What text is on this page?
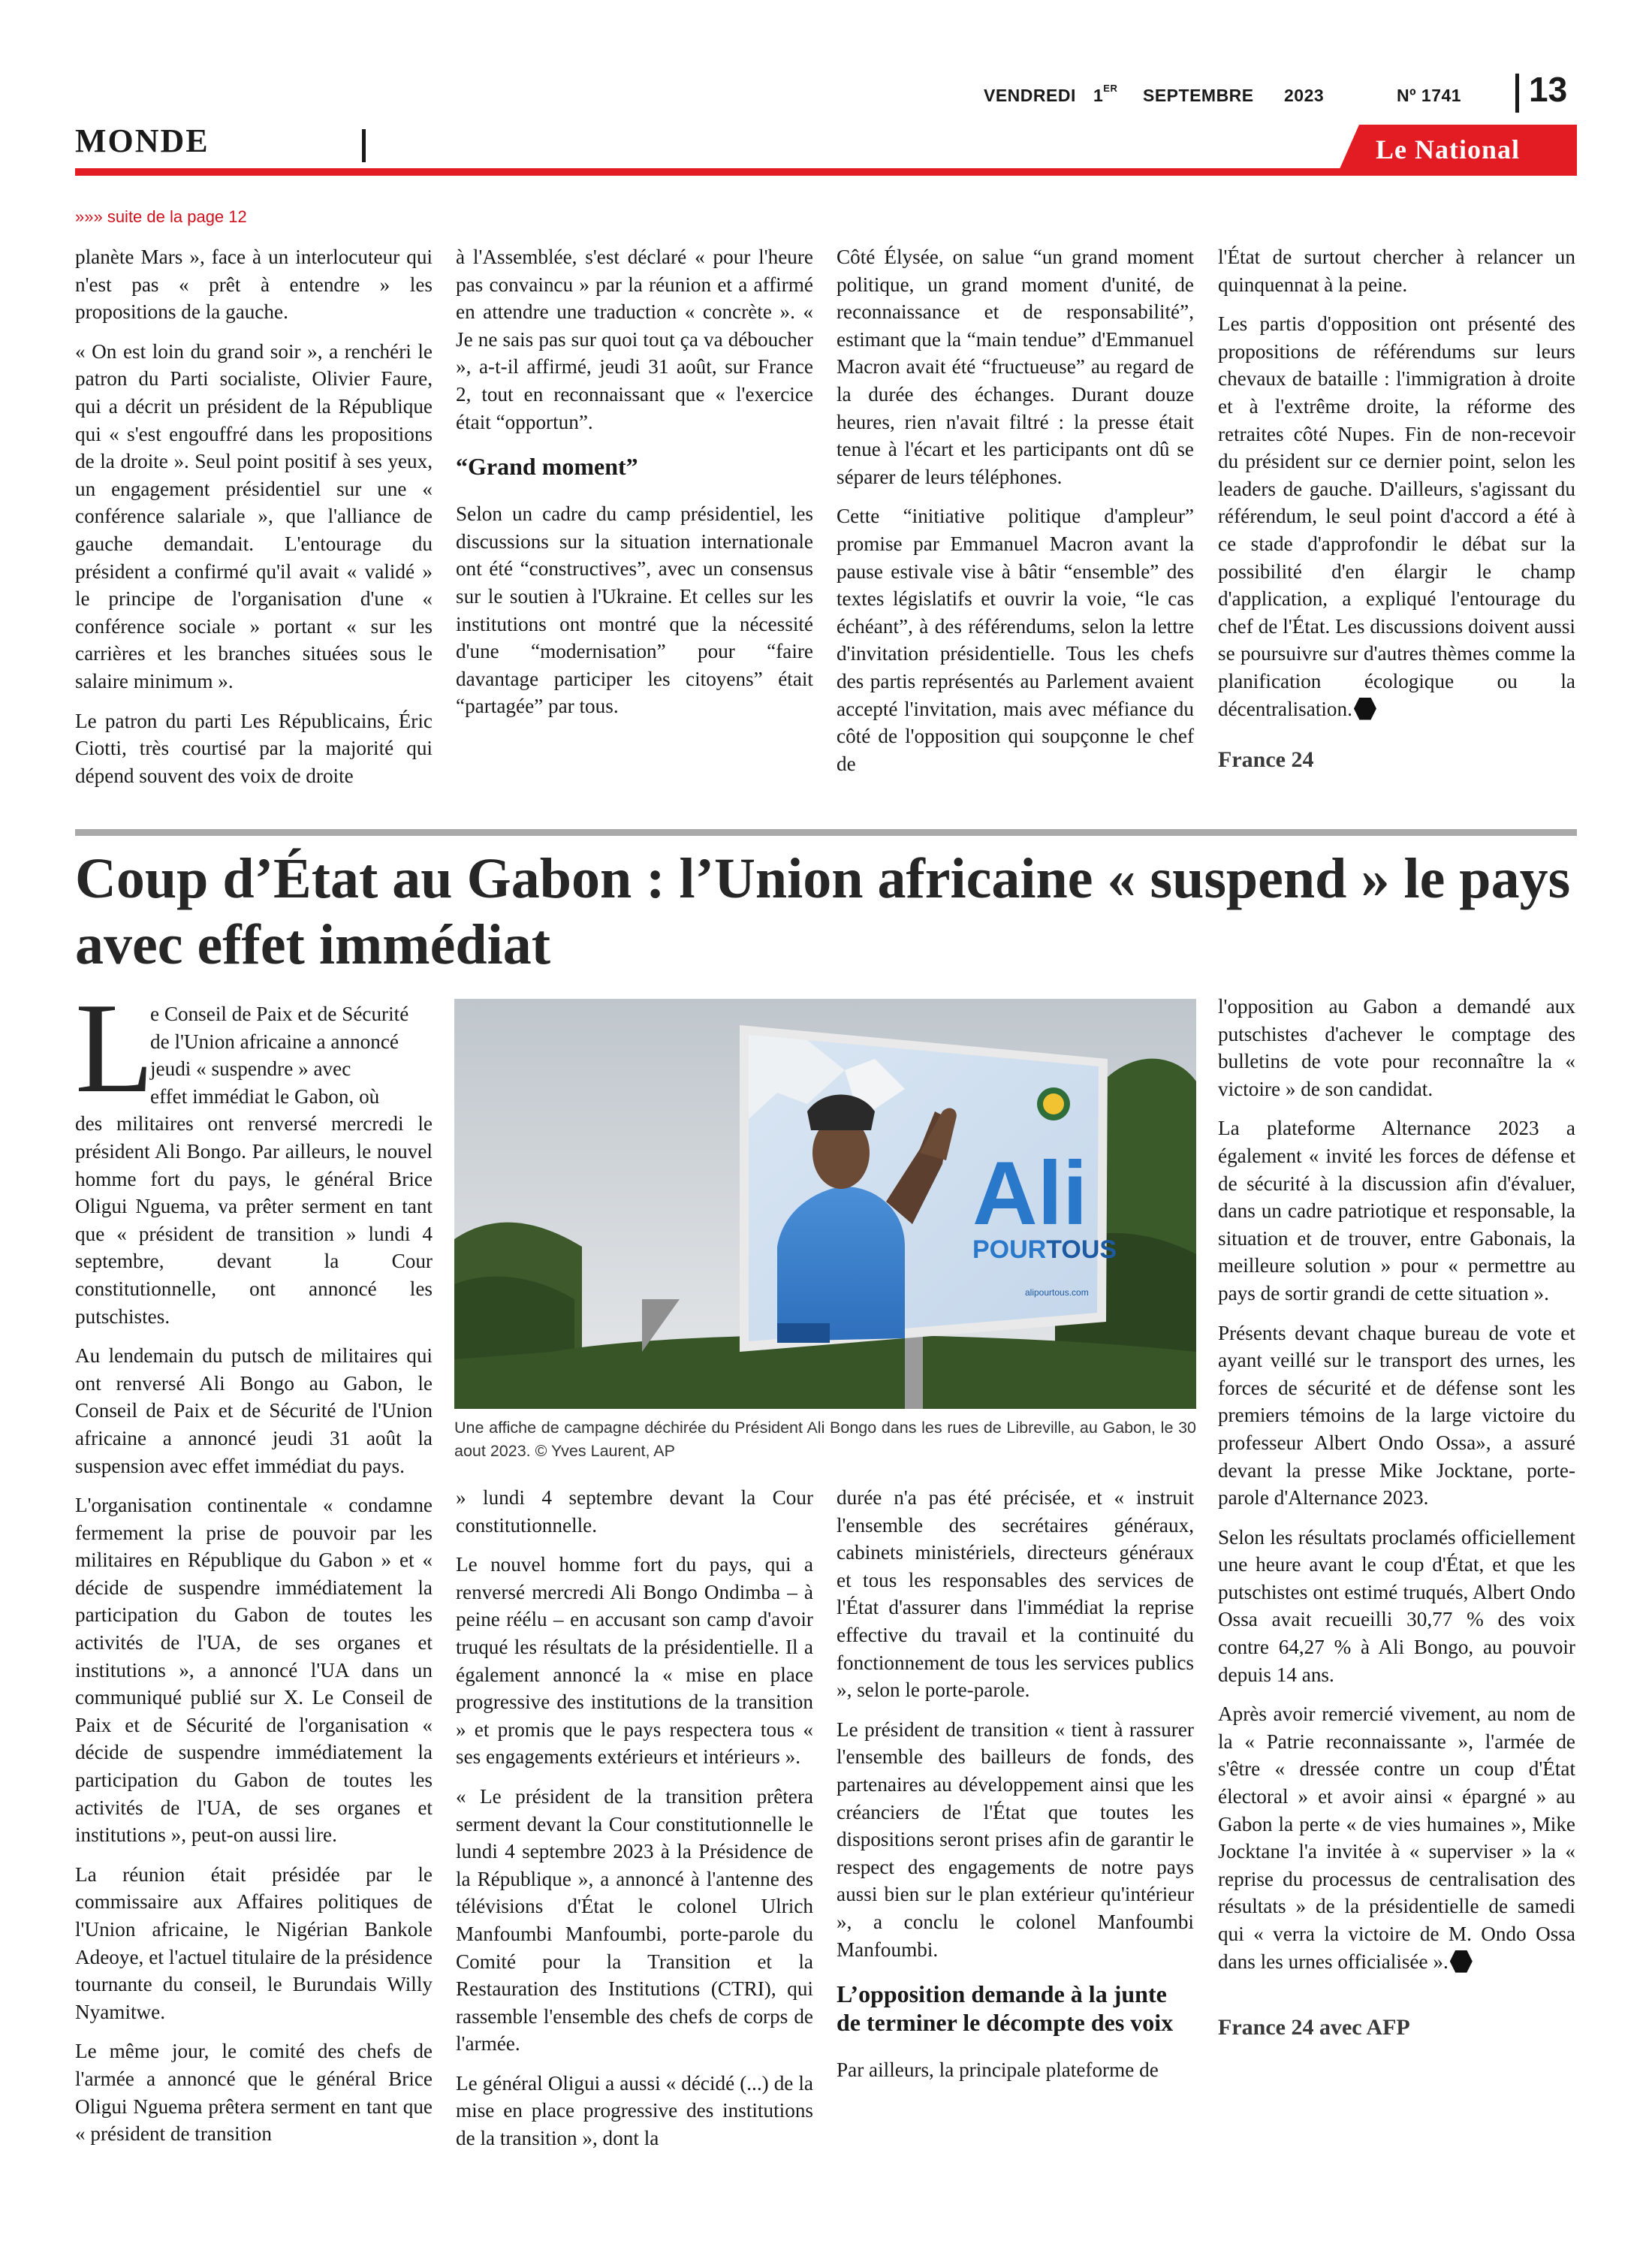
VENDREDI 1ER SEPTEMBRE 2023	Nº 1741 13
MONDE	Le National
»»» suite de la page 12

planète Mars », face à un interlocuteur qui n'est pas « prêt à entendre » les propositions de la gauche.

« On est loin du grand soir », a renchéri le patron du Parti socialiste, Olivier Faure, qui a décrit un président de la République qui « s'est engouffré dans les propositions de la droite ». Seul point positif à ses yeux, un engagement présidentiel sur une « conférence salariale », que l'alliance de gauche demandait. L'entourage du président a confirmé qu'il avait « validé » le principe de l'organisation d'une « conférence sociale » portant « sur les carrières et les branches situées sous le salaire minimum ».

Le patron du parti Les Républicains, Éric Ciotti, très courtisé par la majorité qui dépend souvent des voix de droite

à l'Assemblée, s'est déclaré « pour l'heure pas convaincu » par la réunion et a affirmé en attendre une traduction « concrète ». « Je ne sais pas sur quoi tout ça va déboucher », a-t-il affirmé, jeudi 31 août, sur France 2, tout en reconnaissant que « l'exercice était “opportun”.

“Grand moment”

Selon un cadre du camp présidentiel, les discussions sur la situation internationale ont été “constructives”, avec un consensus sur le soutien à l'Ukraine. Et celles sur les institutions ont montré que la nécessité d'une “modernisation” pour “faire davantage participer les citoyens” était “partagée” par tous.

Côté Élysée, on salue “un grand moment politique, un grand moment d'unité, de reconnaissance et de responsabilité”, estimant que la “main tendue” d'Emmanuel Macron avait été “fructueuse” au regard de la durée des échanges. Durant douze heures, rien n'avait filtré : la presse était tenue à l'écart et les participants ont dû se séparer de leurs téléphones.

Cette “initiative politique d'ampleur” promise par Emmanuel Macron avant la pause estivale vise à bâtir “ensemble” des textes législatifs et ouvrir la voie, “le cas échéant”, à des référendums, selon la lettre d'invitation présidentielle. Tous les chefs des partis représentés au Parlement avaient accepté l'invitation, mais avec méfiance du côté de l'opposition qui soupçonne le chef de

l'État de surtout chercher à relancer un quinquennat à la peine.

Les partis d'opposition ont présenté des propositions de référendums sur leurs chevaux de bataille : l'immigration à droite et à l'extrême droite, la réforme des retraites côté Nupes. Fin de non-recevoir du président sur ce dernier point, selon les leaders de gauche. D'ailleurs, s'agissant du référendum, le seul point d'accord a été à ce stade d'approfondir le débat sur la possibilité d'en élargir le champ d'application, a expliqué l'entourage du chef de l'État. Les discussions doivent aussi se poursuivre sur d'autres thèmes comme la planification écologique ou la décentralisation.

France 24
Coup d’État au Gabon : l’Union africaine « suspend » le pays avec effet immédiat
L

e Conseil de Paix et de Sécurité
de l'Union africaine a annoncé
jeudi « suspendre » avec
effet immédiat le Gabon, où
des militaires ont renversé mercredi le président Ali Bongo. Par ailleurs, le nouvel homme fort du pays, le général Brice Oligui Nguema, va prêter serment en tant que « président de transition » lundi 4 septembre, devant la Cour constitutionnelle, ont annoncé les putschistes.

Au lendemain du putsch de militaires qui ont renversé Ali Bongo au Gabon, le Conseil de Paix et de Sécurité de l'Union africaine a annoncé jeudi 31 août la suspension avec effet immédiat du pays.

L'organisation continentale « condamne fermement la prise de pouvoir par les militaires en République du Gabon » et « décide de suspendre immédiatement la participation du Gabon de toutes les activités de l'UA, de ses organes et institutions », a annoncé l'UA dans un communiqué publié sur X. Le Conseil de Paix et de Sécurité de l'organisation « décide de suspendre immédiatement la participation du Gabon de toutes les activités de l'UA, de ses organes et institutions », peut-on aussi lire.

La réunion était présidée par le commissaire aux Affaires politiques de l'Union africaine, le Nigérian Bankole Adeoye, et l'actuel titulaire de la présidence tournante du conseil, le Burundais Willy Nyamitwe.

Le même jour, le comité des chefs de l'armée a annoncé que le général Brice Oligui Nguema prêtera serment en tant que « président de transition

Ali
POURTOUS
alipourtous.com
Une affiche de campagne déchirée du Président Ali Bongo dans les rues de Libreville, au Gabon, le 30 aout 2023. © Yves Laurent, AP

» lundi 4 septembre devant la Cour constitutionnelle.

Le nouvel homme fort du pays, qui a renversé mercredi Ali Bongo Ondimba – à peine réélu – en accusant son camp d'avoir truqué les résultats de la présidentielle. Il a également annoncé la « mise en place progressive des institutions de la transition » et promis que le pays respectera tous « ses engagements extérieurs et intérieurs ».

« Le président de la transition prêtera serment devant la Cour constitutionnelle le lundi 4 septembre 2023 à la Présidence de la République », a annoncé à l'antenne des télévisions d'État le colonel Ulrich Manfoumbi Manfoumbi, porte-parole du Comité pour la Transition et la Restauration des Institutions (CTRI), qui rassemble l'ensemble des chefs de corps de l'armée.

Le général Oligui a aussi « décidé (...) de la mise en place progressive des institutions de la transition », dont la

durée n'a pas été précisée, et « instruit l'ensemble des secrétaires généraux, cabinets ministériels, directeurs généraux et tous les responsables des services de l'État d'assurer dans l'immédiat la reprise effective du travail et la continuité du fonctionnement de tous les services publics », selon le porte-parole.

Le président de transition « tient à rassurer l'ensemble des bailleurs de fonds, des partenaires au développement ainsi que les créanciers de l'État que toutes les dispositions seront prises afin de garantir le respect des engagements de notre pays aussi bien sur le plan extérieur qu'intérieur », a conclu le colonel Manfoumbi Manfoumbi.

L’opposition demande à la junte de terminer le décompte des voix

Par ailleurs, la principale plateforme de

l'opposition au Gabon a demandé aux putschistes d'achever le comptage des bulletins de vote pour reconnaître la « victoire » de son candidat.

La plateforme Alternance 2023 a également « invité les forces de défense et de sécurité à la discussion afin d'évaluer, dans un cadre patriotique et responsable, la situation et de trouver, entre Gabonais, la meilleure solution » pour « permettre au pays de sortir grandi de cette situation ».

Présents devant chaque bureau de vote et ayant veillé sur le transport des urnes, les forces de sécurité et de défense sont les premiers témoins de la large victoire du professeur Albert Ondo Ossa», a assuré devant la presse Mike Jocktane, porte-parole d'Alternance 2023.

Selon les résultats proclamés officiellement une heure avant le coup d'État, et que les putschistes ont estimé truqués, Albert Ondo Ossa avait recueilli 30,77 % des voix contre 64,27 % à Ali Bongo, au pouvoir depuis 14 ans.

Après avoir remercié vivement, au nom de la « Patrie reconnaissante », l'armée de s'être « dressée contre un coup d'État électoral » et avoir ainsi « épargné » au Gabon la perte « de vies humaines », Mike Jocktane l'a invitée à « superviser » la « reprise du processus de centralisation des résultats » de la présidentielle de samedi qui « verra la victoire de M. Ondo Ossa dans les urnes officialisée ».

France 24 avec AFP
